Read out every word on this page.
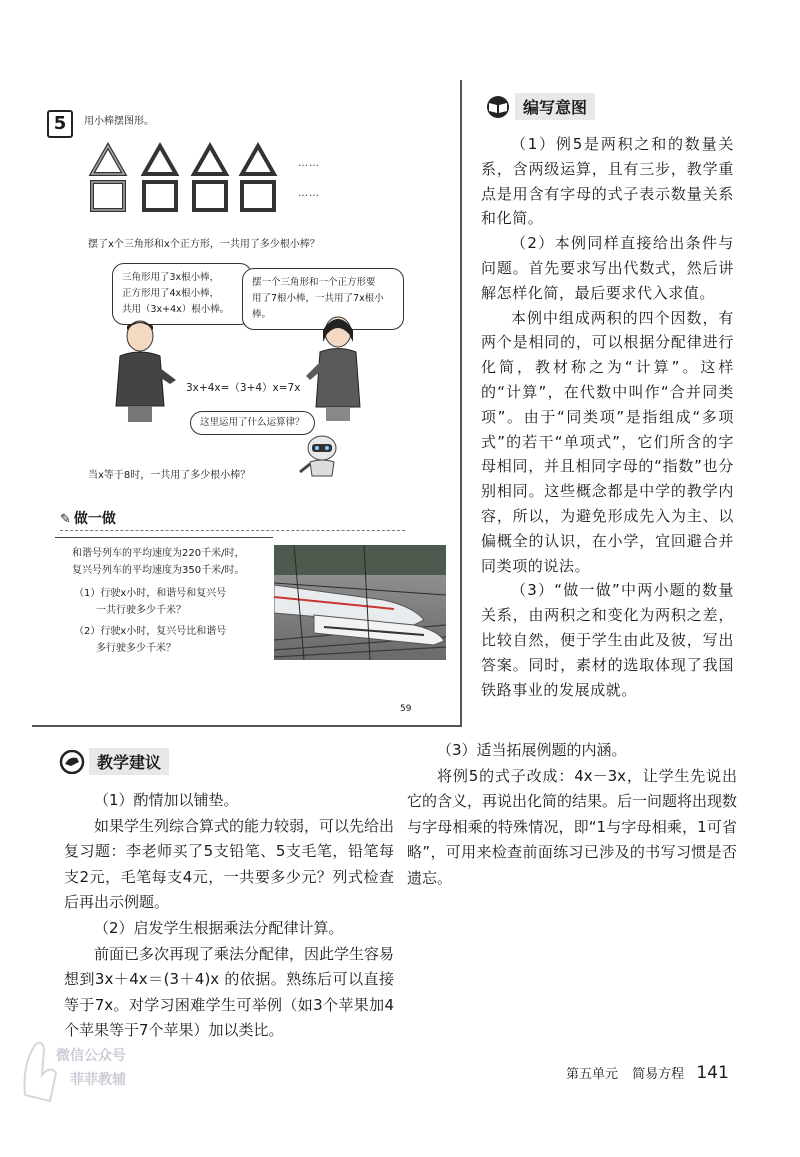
5	用小棒摆图形。
……
……
摆了x个三角形和x个正方形，一共用了多少根小棒？
三角形用了3x根小棒，
正方形用了4x根小棒，
共用（3x+4x）根小棒。
摆一个三角形和一个正方形要
用了7根小棒，一共用了7x根小棒。
3x+4x=（3+4）x=7x
这里运用了什么运算律？
当x等于8时，一共用了多少根小棒？
✎ 做一做
和谐号列车的平均速度为220千米/时，
复兴号列车的平均速度为350千米/时。
（1）行驶x小时，和谐号和复兴号
一共行驶多少千米？
（2）行驶x小时，复兴号比和谐号
多行驶多少千米？
59
编写意图

（1）例5是两积之和的数量关系，含两级运算，且有三步，教学重点是用含有字母的式子表示数量关系和化简。

（2）本例同样直接给出条件与问题。首先要求写出代数式，然后讲解怎样化简，最后要求代入求值。

本例中组成两积的四个因数，有两个是相同的，可以根据分配律进行化简，教材称之为“计算”。这样的“计算”，在代数中叫作“合并同类项”。由于“同类项”是指组成“多项式”的若干“单项式”，它们所含的字母相同，并且相同字母的“指数”也分别相同。这些概念都是中学的教学内容，所以，为避免形成先入为主、以偏概全的认识，在小学，宜回避合并同类项的说法。

（3）“做一做”中两小题的数量关系，由两积之和变化为两积之差，比较自然，便于学生由此及彼，写出答案。同时，素材的选取体现了我国铁路事业的发展成就。

教学建议

（1）酌情加以铺垫。

如果学生列综合算式的能力较弱，可以先给出复习题：李老师买了5支铅笔、5支毛笔，铅笔每支2元，毛笔每支4元，一共要多少元？列式检查后再出示例题。

（2）启发学生根据乘法分配律计算。

前面已多次再现了乘法分配律，因此学生容易想到3x＋4x＝(3＋4)x 的依据。熟练后可以直接等于7x。对学习困难学生可举例（如3个苹果加4个苹果等于7个苹果）加以类比。

（3）适当拓展例题的内涵。

将例5的式子改成：4x－3x，让学生先说出它的含义，再说出化简的结果。后一问题将出现数与字母相乘的特殊情况，即“1与字母相乘，1可省略”，可用来检查前面练习已涉及的书写习惯是否遗忘。

微信公众号
菲菲教辅	第五单元 简易方程 141
